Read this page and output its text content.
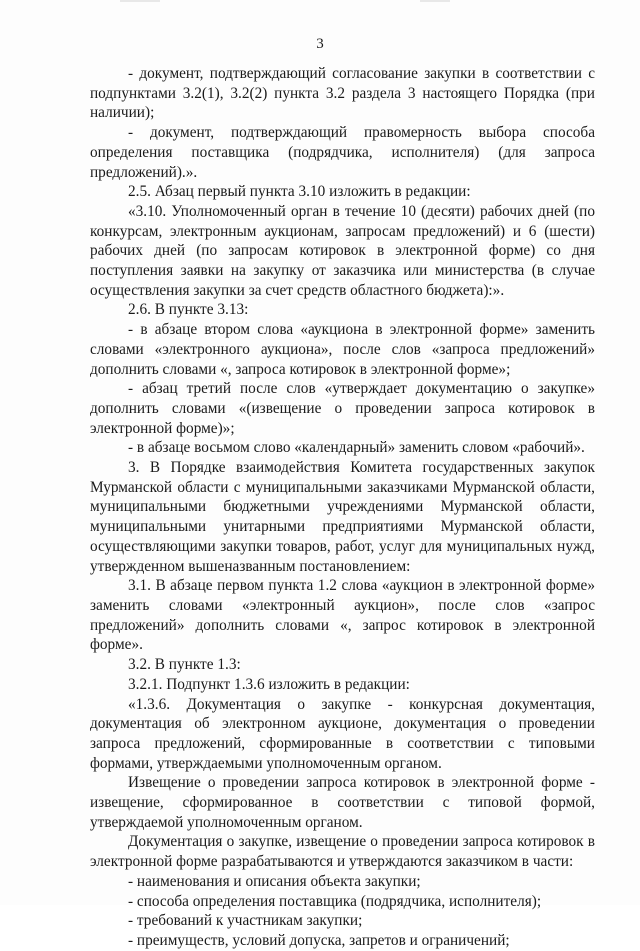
3

- документ, подтверждающий согласование закупки в соответствии с подпунктами 3.2(1), 3.2(2) пункта 3.2 раздела 3 настоящего Порядка (при наличии);

- документ, подтверждающий правомерность выбора способа определения поставщика (подрядчика, исполнителя) (для запроса предложений).».

2.5. Абзац первый пункта 3.10 изложить в редакции:

«3.10. Уполномоченный орган в течение 10 (десяти) рабочих дней (по конкурсам, электронным аукционам, запросам предложений) и 6 (шести) рабочих дней (по запросам котировок в электронной форме) со дня поступления заявки на закупку от заказчика или министерства (в случае осуществления закупки за счет средств областного бюджета):».

2.6. В пункте 3.13:

- в абзаце втором слова «аукциона в электронной форме» заменить словами «электронного аукциона», после слов «запроса предложений» дополнить словами «, запроса котировок в электронной форме»;

- абзац третий после слов «утверждает документацию о закупке» дополнить словами «(извещение о проведении запроса котировок в электронной форме)»;

- в абзаце восьмом слово «календарный» заменить словом «рабочий».

3. В Порядке взаимодействия Комитета государственных закупок Мурманской области с муниципальными заказчиками Мурманской области, муниципальными бюджетными учреждениями Мурманской области, муниципальными унитарными предприятиями Мурманской области, осуществляющими закупки товаров, работ, услуг для муниципальных нужд, утвержденном вышеназванным постановлением:

3.1. В абзаце первом пункта 1.2 слова «аукцион в электронной форме» заменить словами «электронный аукцион», после слов «запрос предложений» дополнить словами «, запрос котировок в электронной форме».

3.2. В пункте 1.3:

3.2.1. Подпункт 1.3.6 изложить в редакции:

«1.3.6. Документация о закупке - конкурсная документация, документация об электронном аукционе, документация о проведении запроса предложений, сформированные в соответствии с типовыми формами, утверждаемыми уполномоченным органом.

Извещение о проведении запроса котировок в электронной форме - извещение, сформированное в соответствии с типовой формой, утверждаемой уполномоченным органом.

Документация о закупке, извещение о проведении запроса котировок в электронной форме разрабатываются и утверждаются заказчиком в части:

- наименования и описания объекта закупки;

- способа определения поставщика (подрядчика, исполнителя);

- требований к участникам закупки;

- преимуществ, условий допуска, запретов и ограничений;
